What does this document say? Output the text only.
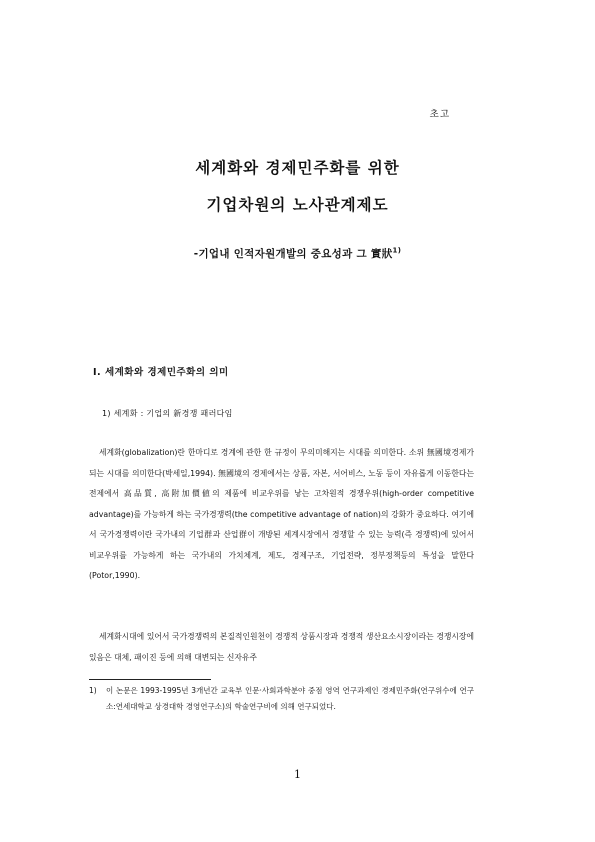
초고
세계화와 경제민주화를 위한
기업차원의 노사관계제도
-기업내 인적자원개발의 중요성과 그 實狀$^{1)}$
Ⅰ. 세계화와 경제민주화의 의미
1) 세계화 : 기업의 新경쟁 패러다임

세계화(globalization)란 한마디로 경계에 관한 한 규정이 무의미해지는 시대를 의미한다. 소위 無國境경제가 되는 시대를 의미한다(박세일,1994). 無國境의 경제에서는 상품, 자본, 서어비스, 노동 등이 자유롭게 이동한다는 전제에서 高品質, 高附加價値의 제품에 비교우위를 낳는 고차원적 경쟁우위(high-order competitive advantage)를 가능하게 하는 국가경쟁력(the competitive advantage of nation)의 강화가 중요하다. 여기에서 국가경쟁력이란 국가내의 기업群과 산업群이 개방된 세계시장에서 경쟁할 수 있는 능력(즉 경쟁력)에 있어서 비교우위를 가능하게 하는 국가내의 가치체계, 제도, 경제구조, 기업전략, 정부정책등의 특성을 말한다(Potor,1990).

세계화시대에 있어서 국가경쟁력의 본질적인원천이 경쟁적 상품시장과 경쟁적 생산요소시장이라는 경쟁시장에 있음은 대체, 패이진 등에 의해 대변되는 신자유주

1) 이 논문은 1993-1995년 3개년간 교육부 인문·사회과학분야 중점 영역 연구과제인 경제민주화(연구위수에 연구소:연세대학교 상경대학 경영연구소)의 학술연구비에 의해 연구되었다.
1
